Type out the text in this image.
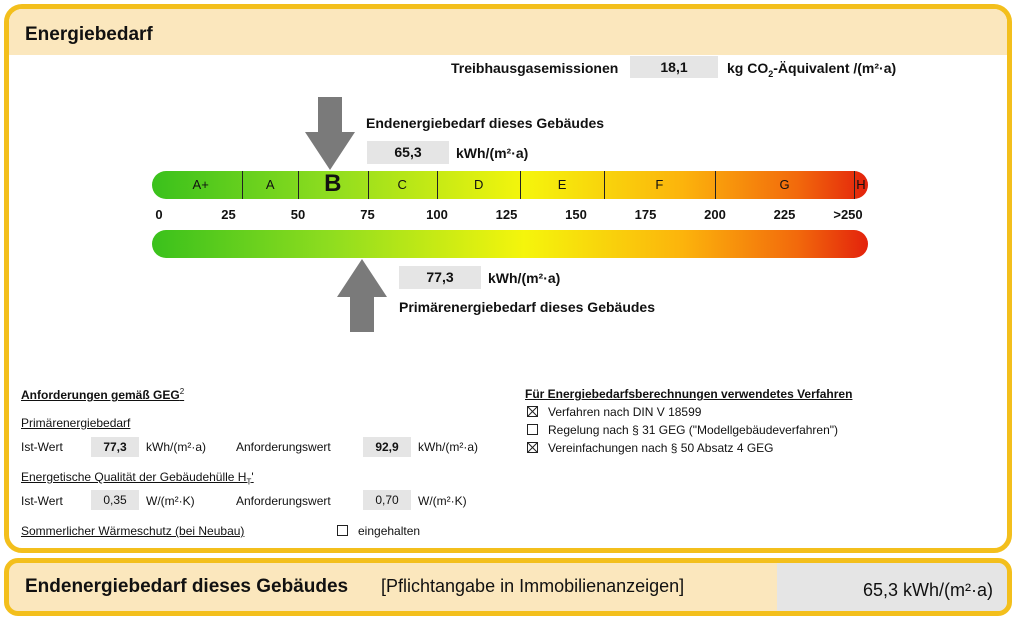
Energiebedarf
Treibhausgasemissionen	18,1	kg $CO_2$-Äquivalent /(m²·a)
Endenergiebedarf dieses Gebäudes
65,3	kWh/(m²·a)
A+	A B	C	D	E	F	G	H
0	25	50	75	100	125	150	175	200	225	>250
77,3	kWh/(m²·a)
Primärenergiebedarf dieses Gebäudes
Anforderungen gemäß GEG$^2$
Primärenergiebedarf
Ist-Wert	77,3	kWh/(m²·a)	Anforderungswert	92,9	kWh/(m²·a)
Energetische Qualität der Gebäudehülle $H_T'$
Ist-Wert	0,35	W/(m²·K)	Anforderungswert	0,70	W/(m²·K)
Sommerlicher Wärmeschutz (bei Neubau)	eingehalten
Für Energiebedarfsberechnungen verwendetes Verfahren
Verfahren nach DIN V 18599
Regelung nach § 31 GEG ("Modellgebäudeverfahren")
Vereinfachungen nach § 50 Absatz 4 GEG
Endenergiebedarf dieses Gebäudes [Pflichtangabe in Immobilienanzeigen]	65,3 kWh/(m²·a)
